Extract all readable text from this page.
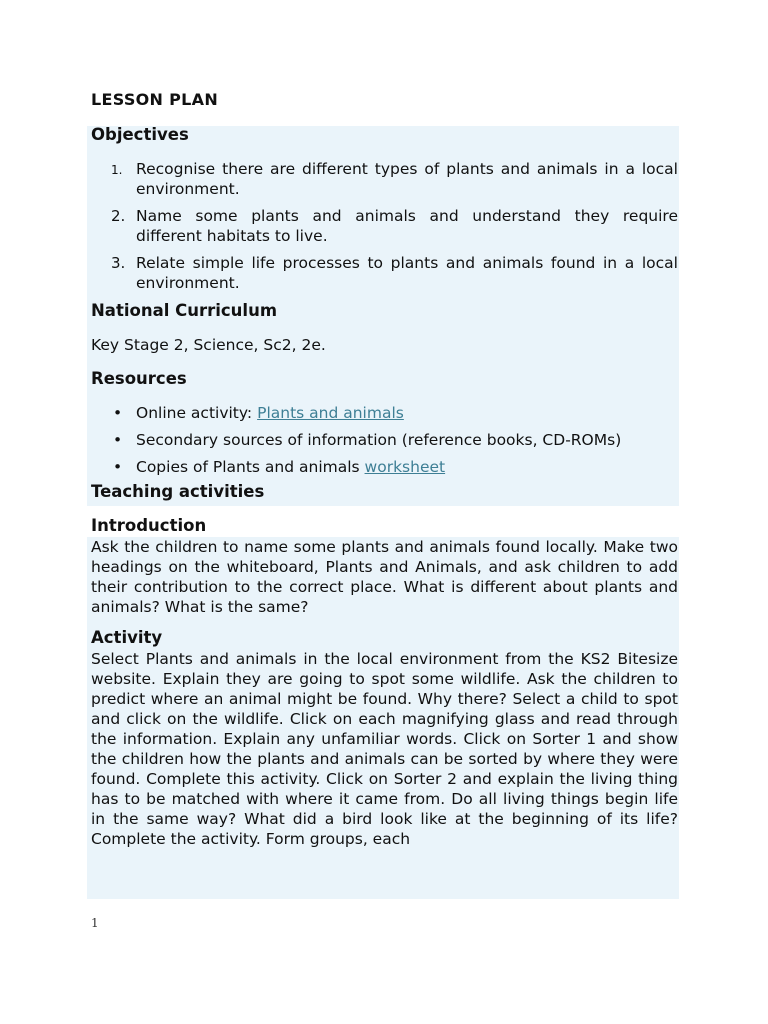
LESSON PLAN
Objectives
1. Recognise there are different types of plants and animals in a local environment.
2. Name some plants and animals and understand they require different habitats to live.
3. Relate simple life processes to plants and animals found in a local environment.
National Curriculum

Key Stage 2, Science, Sc2, 2e.

Resources
• Online activity: Plants and animals
• Secondary sources of information (reference books, CD-ROMs)
• Copies of Plants and animals worksheet
Teaching activities
Introduction

Ask the children to name some plants and animals found locally. Make two headings on the whiteboard, Plants and Animals, and ask children to add their contribution to the correct place. What is different about plants and animals? What is the same?

Activity

Select Plants and animals in the local environment from the KS2 Bitesize website. Explain they are going to spot some wildlife. Ask the children to predict where an animal might be found. Why there? Select a child to spot and click on the wildlife. Click on each magnifying glass and read through the information. Explain any unfamiliar words. Click on Sorter 1 and show the children how the plants and animals can be sorted by where they were found. Complete this activity. Click on Sorter 2 and explain the living thing has to be matched with where it came from. Do all living things begin life in the same way? What did a bird look like at the beginning of its life? Complete the activity. Form groups, each

1
